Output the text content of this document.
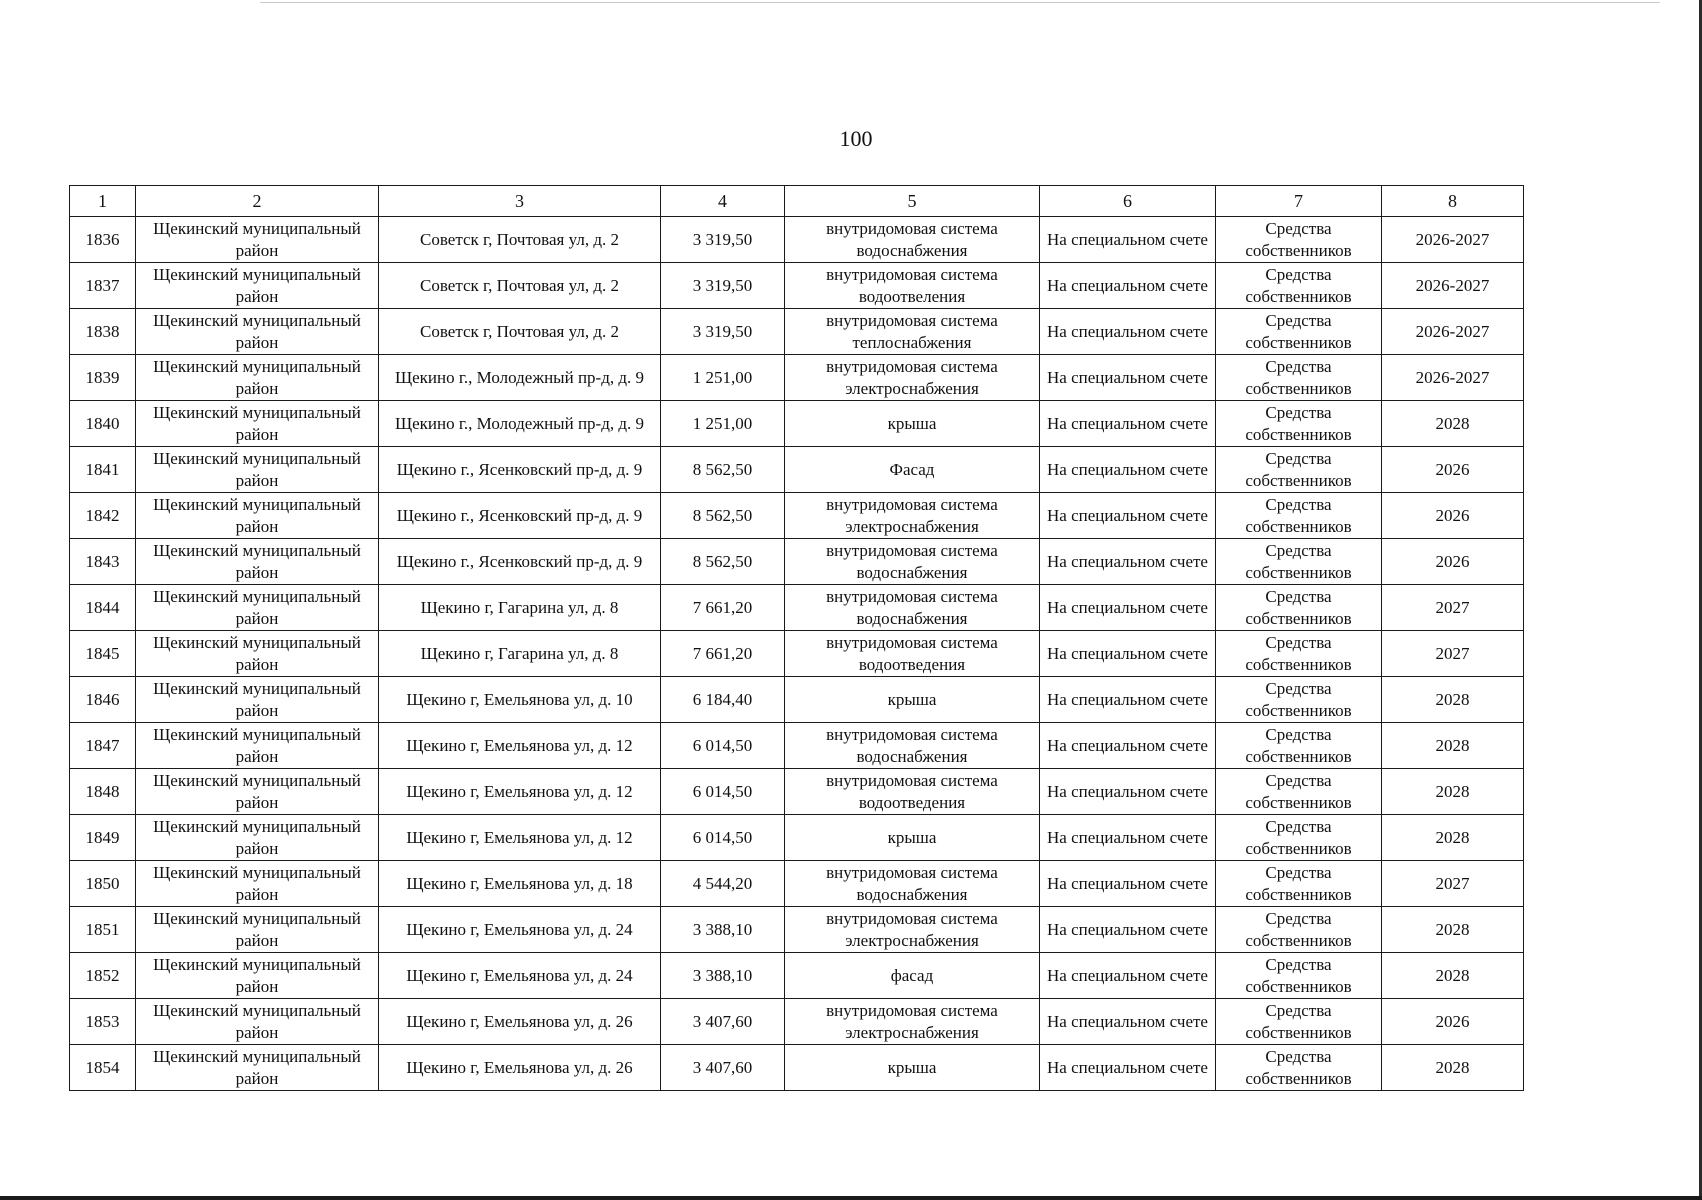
100
1	2	3	4	5	6	7	8
1836	Щекинский муниципальный район	Советск г, Почтовая ул, д. 2	3 319,50	внутридомовая система водоснабжения	На специальном счете	Средства собственников	2026-2027
1837	Щекинский муниципальный район	Советск г, Почтовая ул, д. 2	3 319,50	внутридомовая система водоотвеления	На специальном счете	Средства собственников	2026-2027
1838	Щекинский муниципальный район	Советск г, Почтовая ул, д. 2	3 319,50	внутридомовая система теплоснабжения	На специальном счете	Средства собственников	2026-2027
1839	Щекинский муниципальный район	Щекино г., Молодежный пр-д, д. 9	1 251,00	внутридомовая система электроснабжения	На специальном счете	Средства собственников	2026-2027
1840	Щекинский муниципальный район	Щекино г., Молодежный пр-д, д. 9	1 251,00	крыша	На специальном счете	Средства собственников	2028
1841	Щекинский муниципальный район	Щекино г., Ясенковский пр-д, д. 9	8 562,50	Фасад	На специальном счете	Средства собственников	2026
1842	Щекинский муниципальный район	Щекино г., Ясенковский пр-д, д. 9	8 562,50	внутридомовая система электроснабжения	На специальном счете	Средства собственников	2026
1843	Щекинский муниципальный район	Щекино г., Ясенковский пр-д, д. 9	8 562,50	внутридомовая система водоснабжения	На специальном счете	Средства собственников	2026
1844	Щекинский муниципальный район	Щекино г, Гагарина ул, д. 8	7 661,20	внутридомовая система водоснабжения	На специальном счете	Средства собственников	2027
1845	Щекинский муниципальный район	Щекино г, Гагарина ул, д. 8	7 661,20	внутридомовая система водоотведения	На специальном счете	Средства собственников	2027
1846	Щекинский муниципальный район	Щекино г, Емельянова ул, д. 10	6 184,40	крыша	На специальном счете	Средства собственников	2028
1847	Щекинский муниципальный район	Щекино г, Емельянова ул, д. 12	6 014,50	внутридомовая система водоснабжения	На специальном счете	Средства собственников	2028
1848	Щекинский муниципальный район	Щекино г, Емельянова ул, д. 12	6 014,50	внутридомовая система водоотведения	На специальном счете	Средства собственников	2028
1849	Щекинский муниципальный район	Щекино г, Емельянова ул, д. 12	6 014,50	крыша	На специальном счете	Средства собственников	2028
1850	Щекинский муниципальный район	Щекино г, Емельянова ул, д. 18	4 544,20	внутридомовая система водоснабжения	На специальном счете	Средства собственников	2027
1851	Щекинский муниципальный район	Щекино г, Емельянова ул, д. 24	3 388,10	внутридомовая система электроснабжения	На специальном счете	Средства собственников	2028
1852	Щекинский муниципальный район	Щекино г, Емельянова ул, д. 24	3 388,10	фасад	На специальном счете	Средства собственников	2028
1853	Щекинский муниципальный район	Щекино г, Емельянова ул, д. 26	3 407,60	внутридомовая система электроснабжения	На специальном счете	Средства собственников	2026
1854	Щекинский муниципальный район	Щекино г, Емельянова ул, д. 26	3 407,60	крыша	На специальном счете	Средства собственников	2028
